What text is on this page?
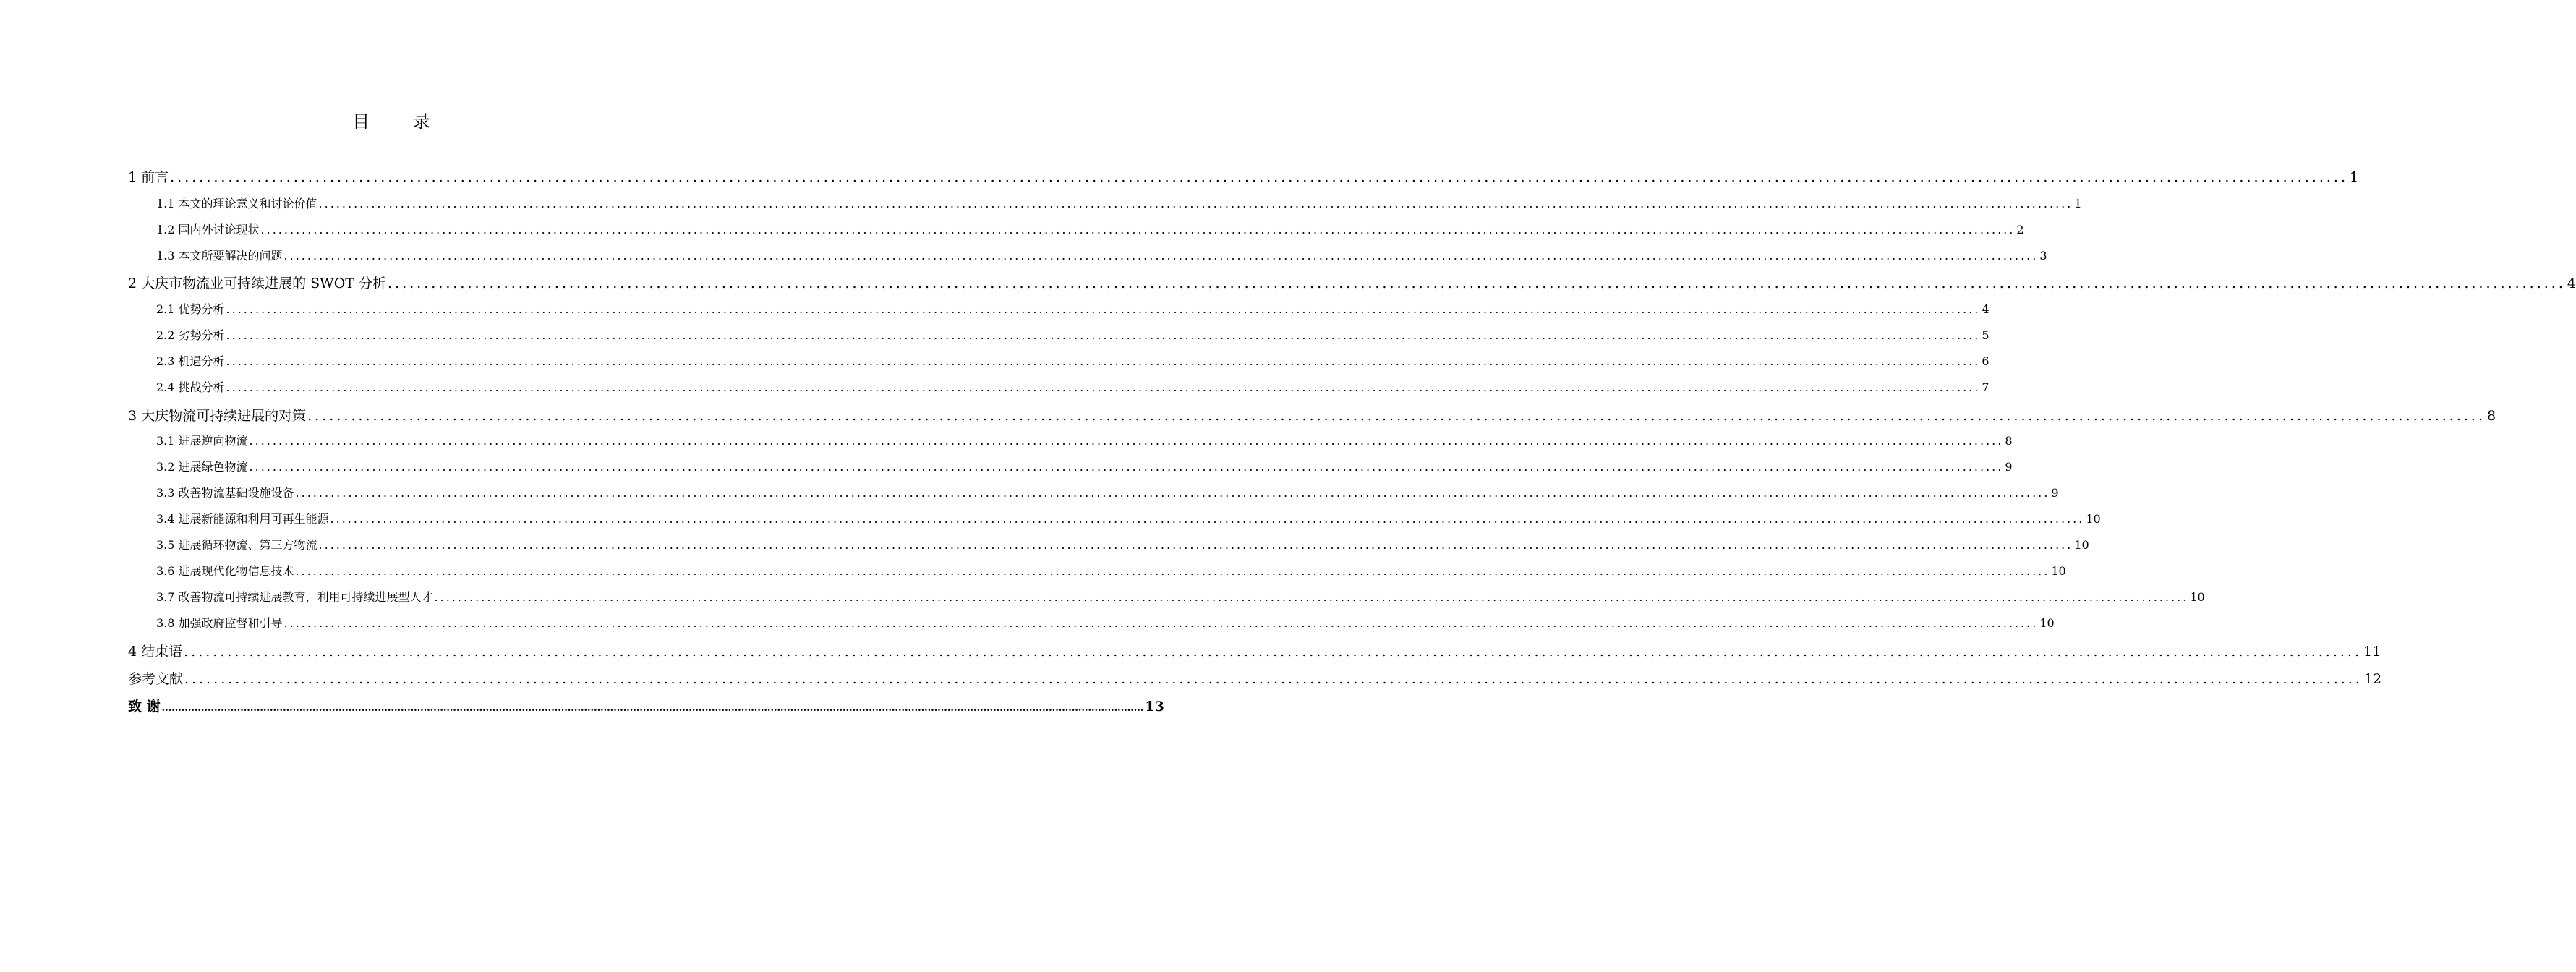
目 录
1 前言 ............................................................................................................................................................................................................................................................................................................ 1
1.1 本文的理论意义和讨论价值 ............................................................................................................................................................................................................................................................................................................ 1
1.2 国内外讨论现状 ............................................................................................................................................................................................................................................................................................................ 2
1.3 本文所要解决的问题 ............................................................................................................................................................................................................................................................................................................ 3
2 大庆市物流业可持续进展的 SWOT 分析 ............................................................................................................................................................................................................................................................................................................ 4
2.1 优势分析 ............................................................................................................................................................................................................................................................................................................ 4
2.2 劣势分析 ............................................................................................................................................................................................................................................................................................................ 5
2.3 机遇分析 ............................................................................................................................................................................................................................................................................................................ 6
2.4 挑战分析 ............................................................................................................................................................................................................................................................................................................ 7
3 大庆物流可持续进展的对策 ............................................................................................................................................................................................................................................................................................................ 8
3.1 进展逆向物流 ............................................................................................................................................................................................................................................................................................................ 8
3.2 进展绿色物流 ............................................................................................................................................................................................................................................................................................................ 9
3.3 改善物流基础设施设备 ............................................................................................................................................................................................................................................................................................................ 9
3.4 进展新能源和利用可再生能源 ............................................................................................................................................................................................................................................................................................................ 10
3.5 进展循环物流、第三方物流 ............................................................................................................................................................................................................................................................................................................ 10
3.6 进展现代化物信息技术 ............................................................................................................................................................................................................................................................................................................ 10
3.7 改善物流可持续进展教育，利用可持续进展型人才 ............................................................................................................................................................................................................................................................................................................ 10
3.8 加强政府监督和引导 ............................................................................................................................................................................................................................................................................................................ 10
4 结束语 ............................................................................................................................................................................................................................................................................................................ 11
参考文献 ............................................................................................................................................................................................................................................................................................................ 12
致 谢 ............................................................................................................................................................................................................................................................................................................ 13
